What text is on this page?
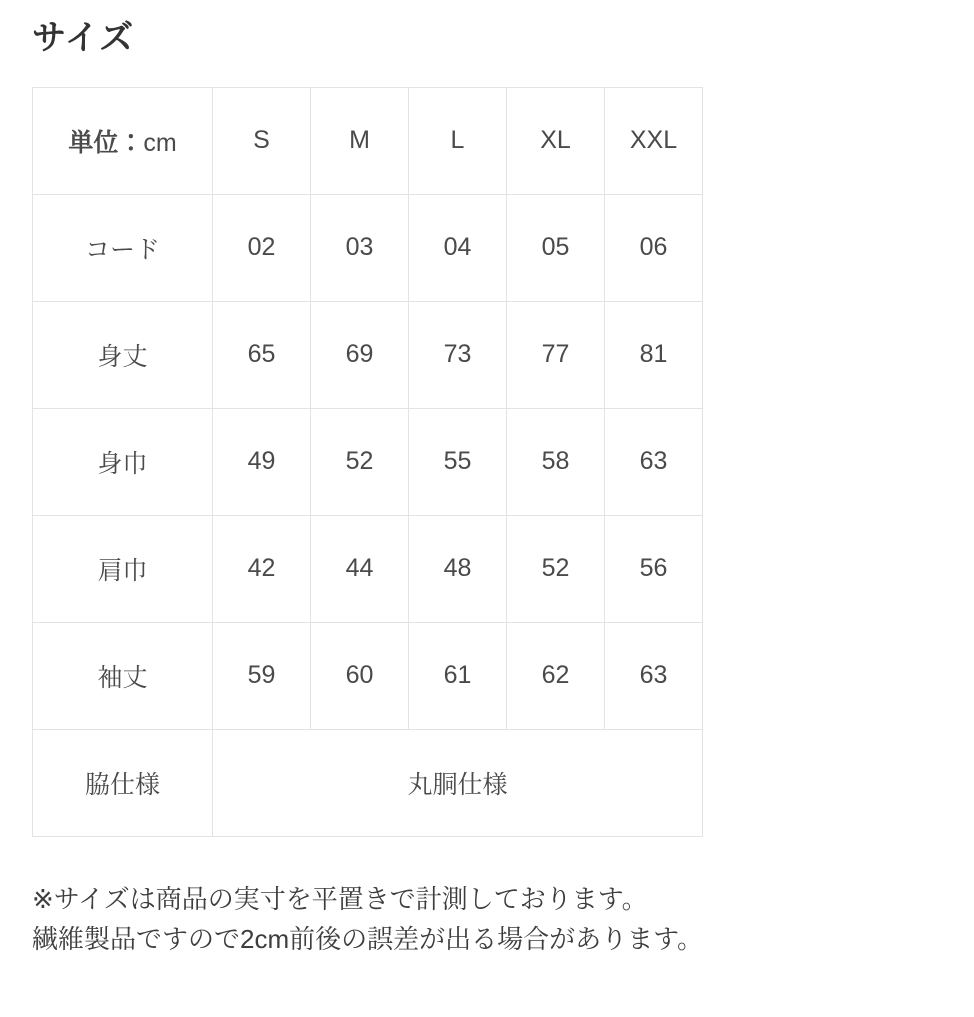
サイズ
単位：cm	S	M	L	XL	XXL
コード	02	03	04	05	06
身丈	65	69	73	77	81
身巾	49	52	55	58	63
肩巾	42	44	48	52	56
袖丈	59	60	61	62	63
脇仕様	丸胴仕様				
※サイズは商品の実寸を平置きで計測しております。
繊維製品ですので2cm前後の誤差が出る場合があります。
